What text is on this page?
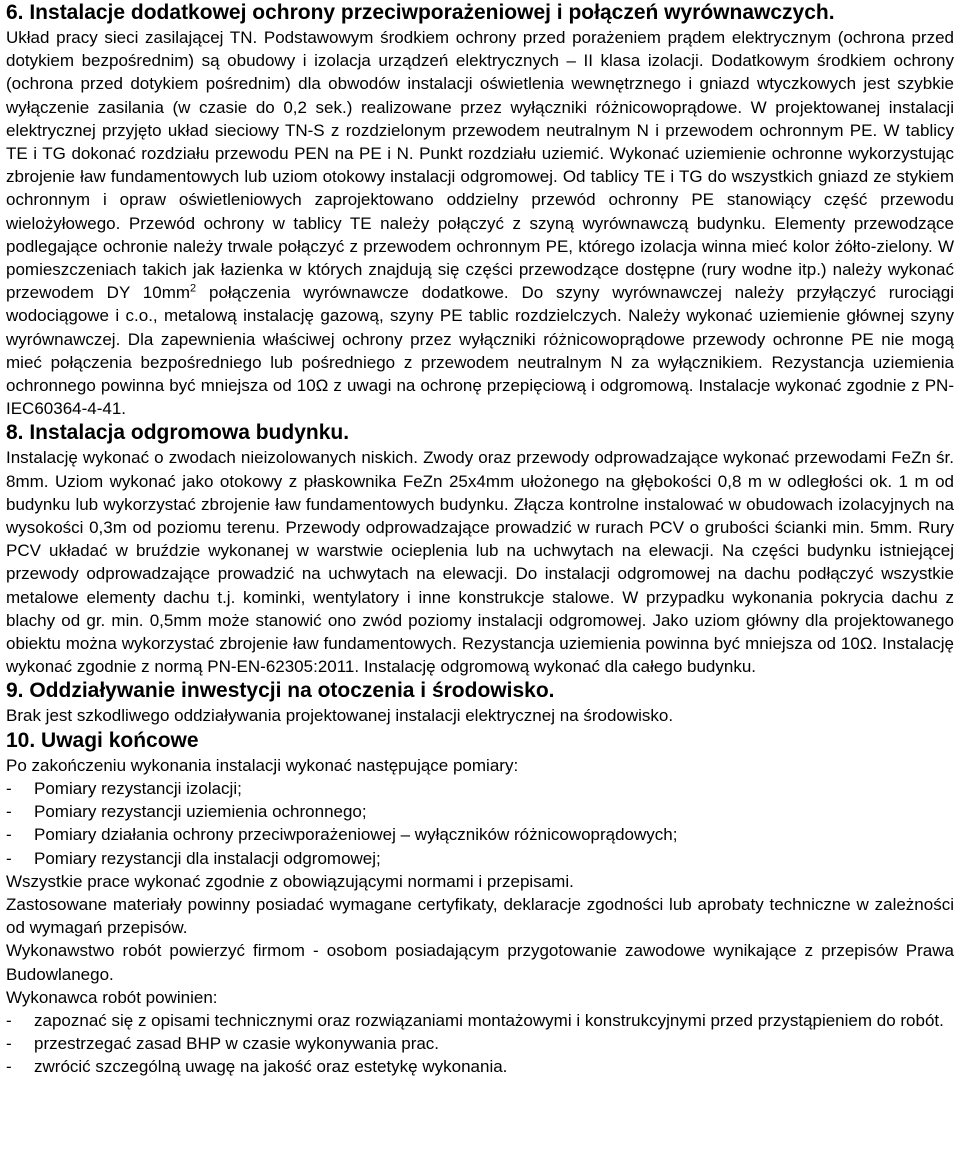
6. Instalacje dodatkowej ochrony przeciwporażeniowej i połączeń wyrównawczych.

Układ pracy sieci zasilającej TN. Podstawowym środkiem ochrony przed porażeniem prądem elektrycznym (ochrona przed dotykiem bezpośrednim) są obudowy i izolacja urządzeń elektrycznych – II klasa izolacji. Dodatkowym środkiem ochrony (ochrona przed dotykiem pośrednim) dla obwodów instalacji oświetlenia wewnętrznego i gniazd wtyczkowych jest szybkie wyłączenie zasilania (w czasie do 0,2 sek.) realizowane przez wyłączniki różnicowoprądowe. W projektowanej instalacji elektrycznej przyjęto układ sieciowy TN-S z rozdzielonym przewodem neutralnym N i przewodem ochronnym PE. W tablicy TE i TG dokonać rozdziału przewodu PEN na PE i N. Punkt rozdziału uziemić. Wykonać uziemienie ochronne wykorzystując zbrojenie ław fundamentowych lub uziom otokowy instalacji odgromowej. Od tablicy TE i TG do wszystkich gniazd ze stykiem ochronnym i opraw oświetleniowych zaprojektowano oddzielny przewód ochronny PE stanowiący część przewodu wielożyłowego. Przewód ochrony w tablicy TE należy połączyć z szyną wyrównawczą budynku. Elementy przewodzące podlegające ochronie należy trwale połączyć z przewodem ochronnym PE, którego izolacja winna mieć kolor żółto-zielony. W pomieszczeniach takich jak łazienka w których znajdują się części przewodzące dostępne (rury wodne itp.) należy wykonać przewodem DY $10mm^2$ połączenia wyrównawcze dodatkowe. Do szyny wyrównawczej należy przyłączyć rurociągi wodociągowe i c.o., metalową instalację gazową, szyny PE tablic rozdzielczych. Należy wykonać uziemienie głównej szyny wyrównawczej. Dla zapewnienia właściwej ochrony przez wyłączniki różnicowoprądowe przewody ochronne PE nie mogą mieć połączenia bezpośredniego lub pośredniego z przewodem neutralnym N za wyłącznikiem. Rezystancja uziemienia ochronnego powinna być mniejsza od 10Ω z uwagi na ochronę przepięciową i odgromową. Instalacje wykonać zgodnie z PN-IEC60364-4-41.

8. Instalacja odgromowa budynku.

Instalację wykonać o zwodach nieizolowanych niskich. Zwody oraz przewody odprowadzające wykonać przewodami FeZn śr. 8mm. Uziom wykonać jako otokowy z płaskownika FeZn 25x4mm ułożonego na głębokości 0,8 m w odległości ok. 1 m od budynku lub wykorzystać zbrojenie ław fundamentowych budynku. Złącza kontrolne instalować w obudowach izolacyjnych na wysokości 0,3m od poziomu terenu. Przewody odprowadzające prowadzić w rurach PCV o grubości ścianki min. 5mm. Rury PCV układać w bruździe wykonanej w warstwie ocieplenia lub na uchwytach na elewacji. Na części budynku istniejącej przewody odprowadzające prowadzić na uchwytach na elewacji. Do instalacji odgromowej na dachu podłączyć wszystkie metalowe elementy dachu t.j. kominki, wentylatory i inne konstrukcje stalowe. W przypadku wykonania pokrycia dachu z blachy od gr. min. 0,5mm może stanowić ono zwód poziomy instalacji odgromowej. Jako uziom główny dla projektowanego obiektu można wykorzystać zbrojenie ław fundamentowych. Rezystancja uziemienia powinna być mniejsza od 10Ω. Instalację wykonać zgodnie z normą PN-EN-62305:2011. Instalację odgromową wykonać dla całego budynku.

9. Oddziaływanie inwestycji na otoczenia i środowisko.

Brak jest szkodliwego oddziaływania projektowanej instalacji elektrycznej na środowisko.

10. Uwagi końcowe

Po zakończeniu wykonania instalacji wykonać następujące pomiary:

- Pomiary rezystancji izolacji;
- Pomiary rezystancji uziemienia ochronnego;
- Pomiary działania ochrony przeciwporażeniowej – wyłączników różnicowoprądowych;
- Pomiary rezystancji dla instalacji odgromowej;

Wszystkie prace wykonać zgodnie z obowiązującymi normami i przepisami.

Zastosowane materiały powinny posiadać wymagane certyfikaty, deklaracje zgodności lub aprobaty techniczne w zależności od wymagań przepisów.

Wykonawstwo robót powierzyć firmom - osobom posiadającym przygotowanie zawodowe wynikające z przepisów Prawa Budowlanego.

Wykonawca robót powinien:

- zapoznać się z opisami technicznymi oraz rozwiązaniami montażowymi i konstrukcyjnymi przed przystąpieniem do robót.
- przestrzegać zasad BHP w czasie wykonywania prac.
- zwrócić szczególną uwagę na jakość oraz estetykę wykonania.
